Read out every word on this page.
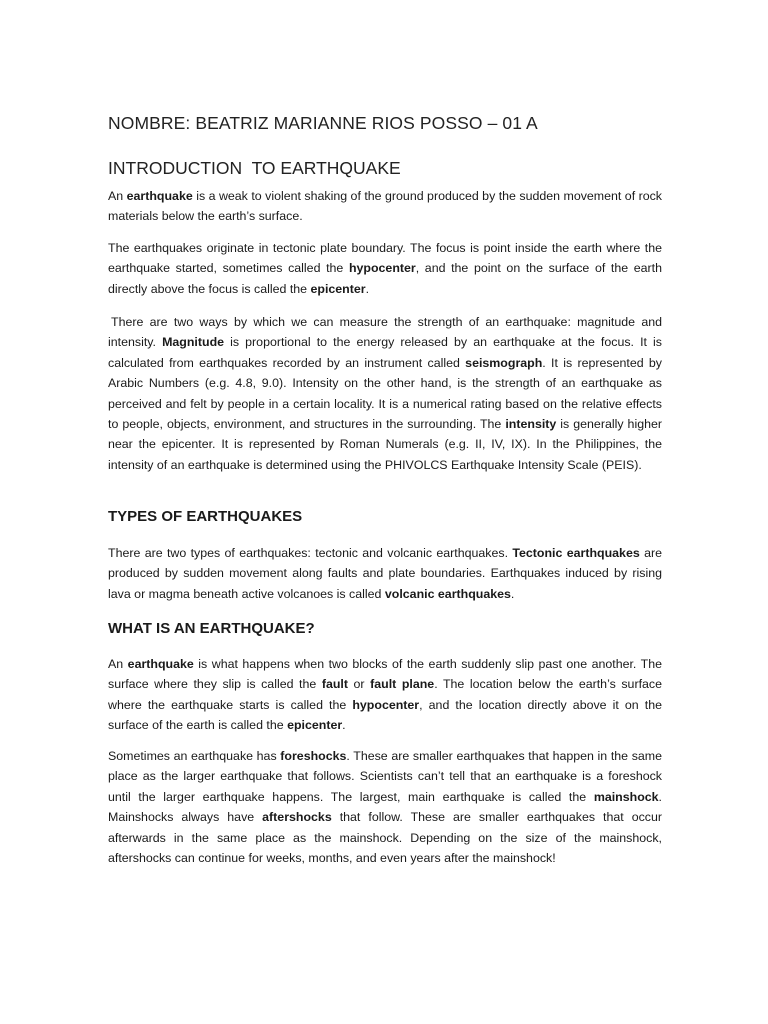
NOMBRE: BEATRIZ MARIANNE RIOS POSSO – 01 A
INTRODUCTION  TO EARTHQUAKE

An earthquake is a weak to violent shaking of the ground produced by the sudden movement of rock materials below the earth’s surface.

The earthquakes originate in tectonic plate boundary. The focus is point inside the earth where the earthquake started, sometimes called the hypocenter, and the point on the surface of the earth directly above the focus is called the epicenter.

There are two ways by which we can measure the strength of an earthquake: magnitude and intensity. Magnitude is proportional to the energy released by an earthquake at the focus. It is calculated from earthquakes recorded by an instrument called seismograph. It is represented by Arabic Numbers (e.g. 4.8, 9.0). Intensity on the other hand, is the strength of an earthquake as perceived and felt by people in a certain locality. It is a numerical rating based on the relative effects to people, objects, environment, and structures in the surrounding. The intensity is generally higher near the epicenter. It is represented by Roman Numerals (e.g. II, IV, IX). In the Philippines, the intensity of an earthquake is determined using the PHIVOLCS Earthquake Intensity Scale (PEIS).

TYPES OF EARTHQUAKES

There are two types of earthquakes: tectonic and volcanic earthquakes. Tectonic earthquakes are produced by sudden movement along faults and plate boundaries. Earthquakes induced by rising lava or magma beneath active volcanoes is called volcanic earthquakes.

WHAT IS AN EARTHQUAKE?

An earthquake is what happens when two blocks of the earth suddenly slip past one another. The surface where they slip is called the fault or fault plane. The location below the earth’s surface where the earthquake starts is called the hypocenter, and the location directly above it on the surface of the earth is called the epicenter.

Sometimes an earthquake has foreshocks. These are smaller earthquakes that happen in the same place as the larger earthquake that follows. Scientists can’t tell that an earthquake is a foreshock until the larger earthquake happens. The largest, main earthquake is called the mainshock. Mainshocks always have aftershocks that follow. These are smaller earthquakes that occur afterwards in the same place as the mainshock. Depending on the size of the mainshock, aftershocks can continue for weeks, months, and even years after the mainshock!
